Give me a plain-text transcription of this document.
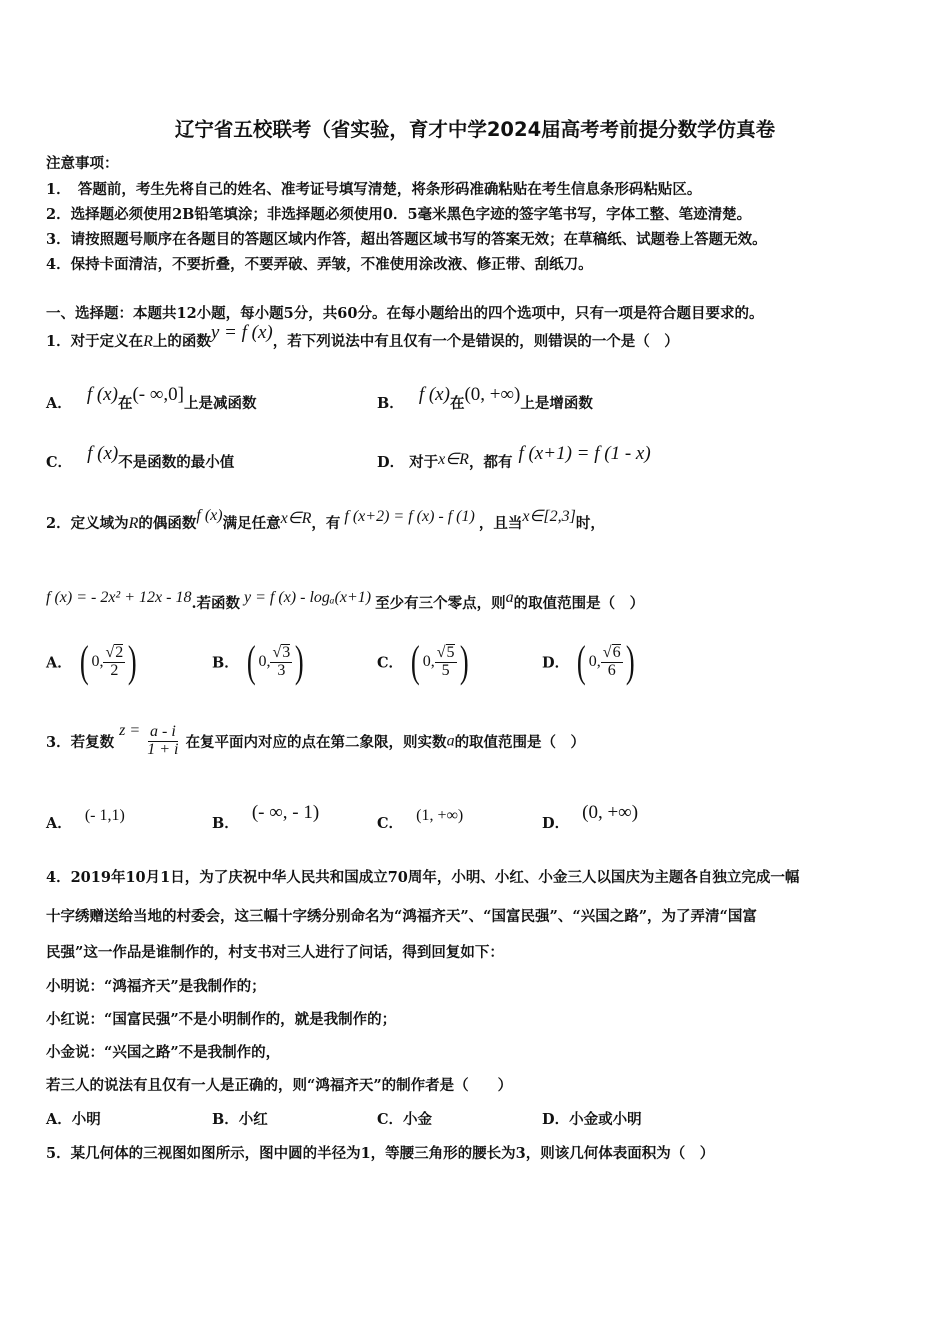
辽宁省五校联考（省实验，育才中学2024届高考考前提分数学仿真卷
注意事项：
1．　答题前，考生先将自己的姓名、准考证号填写清楚，将条形码准确粘贴在考生信息条形码粘贴区。
2．选择题必须使用2B铅笔填涂；非选择题必须使用0．5毫米黑色字迹的签字笔书写，字体工整、笔迹清楚。
3．请按照题号顺序在各题目的答题区域内作答，超出答题区域书写的答案无效；在草稿纸、试题卷上答题无效。
4．保持卡面清洁，不要折叠，不要弄破、弄皱，不准使用涂改液、修正带、刮纸刀。
一、选择题：本题共12小题，每小题5分，共60分。在每小题给出的四个选项中，只有一项是符合题目要求的。
1．对于定义在R上的函数y = f (x)，若下列说法中有且仅有一个是错误的，则错误的一个是（　）
A． f (x)在(- ∞,0]上是减函数	B． f (x)在(0, +∞)上是增函数
C． f (x)不是函数的最小值	D． 对于x∈R，都有 f (x+1) = f (1 - x)
2．定义域为R的偶函数f (x)满足任意x∈R，有 f (x+2) = f (x) - f (1) ，且当x∈[2,3]时，
f (x) = - 2x² + 12x - 18.若函数 y = f (x) - logₐ(x+1) 至少有三个零点，则a的取值范围是（　）
A． ( 0, $\frac{√2}{2}$ )	B． ( 0, $\frac{√3}{3}$ )	C． ( 0, $\frac{√5}{5}$ )	D． ( 0, $\frac{√6}{6}$ )
3．若复数 $z = \frac{a - i}{1 + i}$ 在复平面内对应的点在第二象限，则实数a的取值范围是（　）
A． (- 1,1)	B． (- ∞, - 1)
C． (1, +∞)	D． (0, +∞)
4．2019年10月1日，为了庆祝中华人民共和国成立70周年，小明、小红、小金三人以国庆为主题各自独立完成一幅
十字绣赠送给当地的村委会，这三幅十字绣分别命名为“鸿福齐天”、“国富民强”、“兴国之路”，为了弄清“国富
民强”这一作品是谁制作的，村支书对三人进行了问话，得到回复如下：
小明说：“鸿福齐天”是我制作的；
小红说：“国富民强”不是小明制作的，就是我制作的；
小金说：“兴国之路”不是我制作的，
若三人的说法有且仅有一人是正确的，则“鸿福齐天”的制作者是（　　）
A．小明	B．小红	C．小金	D．小金或小明
5．某几何体的三视图如图所示，图中圆的半径为1，等腰三角形的腰长为3，则该几何体表面积为（　）
